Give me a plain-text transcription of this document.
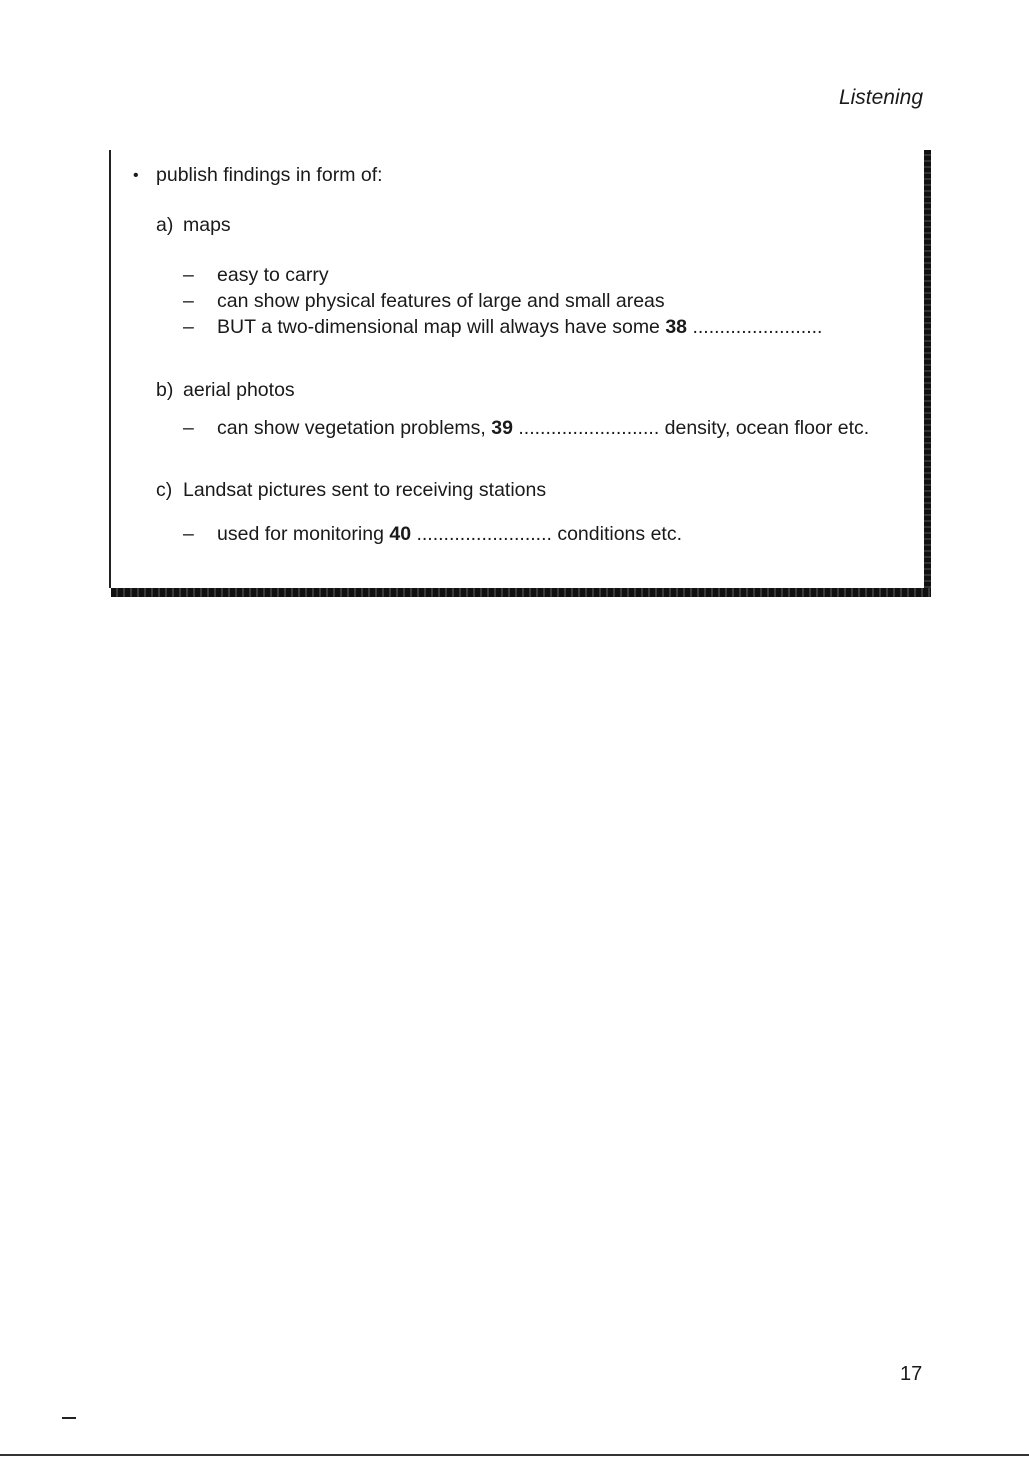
Listening
• publish findings in form of:
a) maps
– easy to carry
– can show physical features of large and small areas
– BUT a two-dimensional map will always have some 38 ........................
b) aerial photos
– can show vegetation problems, 39 .......................... density, ocean floor etc.
c) Landsat pictures sent to receiving stations
– used for monitoring 40 ......................... conditions etc.
17
